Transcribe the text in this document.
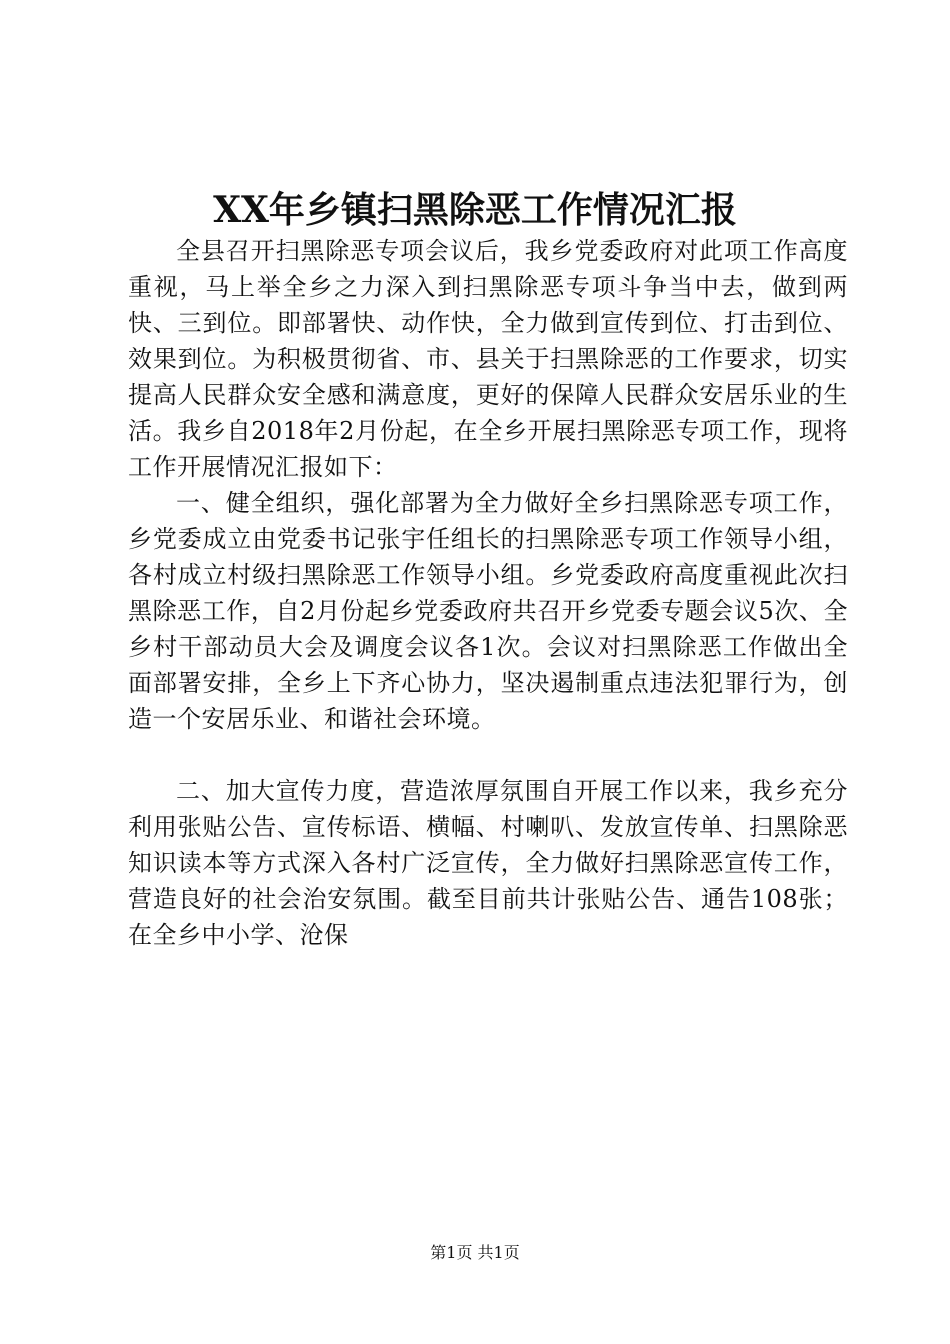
XX年乡镇扫黑除恶工作情况汇报

全县召开扫黑除恶专项会议后，我乡党委政府对此项工作高度重视，马上举全乡之力深入到扫黑除恶专项斗争当中去，做到两快、三到位。即部署快、动作快，全力做到宣传到位、打击到位、效果到位。为积极贯彻省、市、县关于扫黑除恶的工作要求，切实提高人民群众安全感和满意度，更好的保障人民群众安居乐业的生活。我乡自2018年2月份起，在全乡开展扫黑除恶专项工作，现将工作开展情况汇报如下：

一、健全组织，强化部署为全力做好全乡扫黑除恶专项工作，乡党委成立由党委书记张宇任组长的扫黑除恶专项工作领导小组，各村成立村级扫黑除恶工作领导小组。乡党委政府高度重视此次扫黑除恶工作，自2月份起乡党委政府共召开乡党委专题会议5次、全乡村干部动员大会及调度会议各1次。会议对扫黑除恶工作做出全面部署安排，全乡上下齐心协力，坚决遏制重点违法犯罪行为，创造一个安居乐业、和谐社会环境。

二、加大宣传力度，营造浓厚氛围自开展工作以来，我乡充分利用张贴公告、宣传标语、横幅、村喇叭、发放宣传单、扫黑除恶知识读本等方式深入各村广泛宣传，全力做好扫黑除恶宣传工作，营造良好的社会治安氛围。截至目前共计张贴公告、通告108张；在全乡中小学、沧保

第1页 共1页
